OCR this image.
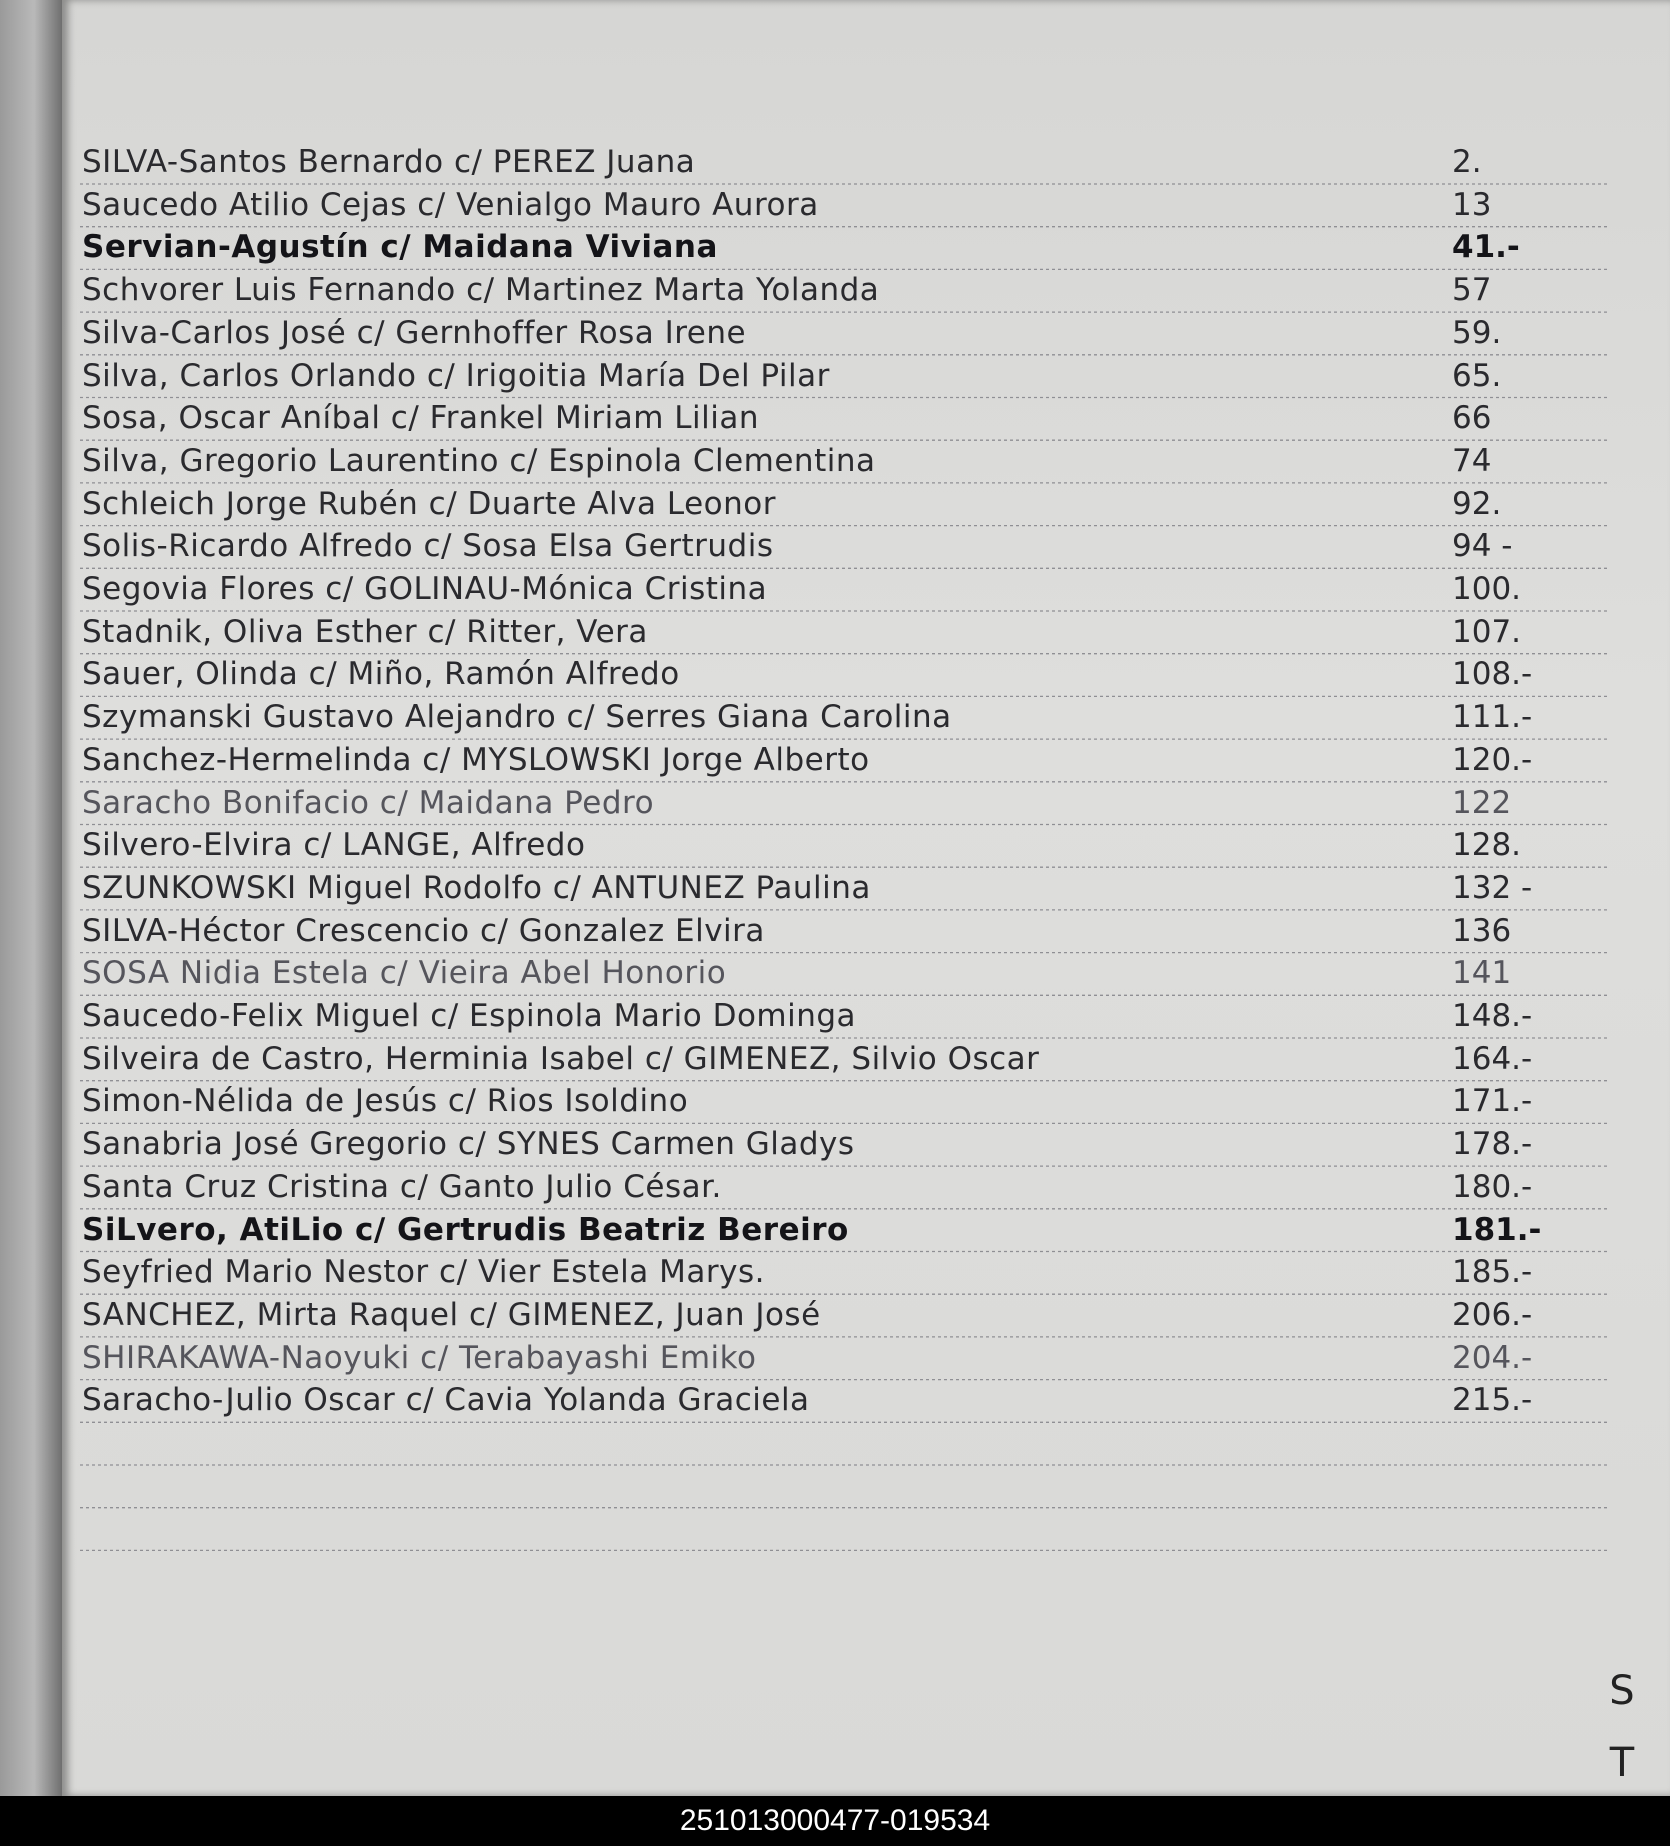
SILVA-Santos Bernardo c/ PEREZ Juana	2.
Saucedo Atilio Cejas c/ Venialgo Mauro Aurora	13
Servian-Agustín c/ Maidana Viviana	41.-
Schvorer Luis Fernando c/ Martinez Marta Yolanda	57
Silva-Carlos José c/ Gernhoffer Rosa Irene	59.
Silva, Carlos Orlando c/ Irigoitia María Del Pilar	65.
Sosa, Oscar Aníbal c/ Frankel Miriam Lilian	66
Silva, Gregorio Laurentino c/ Espinola Clementina	74
Schleich Jorge Rubén c/ Duarte Alva Leonor	92.
Solis-Ricardo Alfredo c/ Sosa Elsa Gertrudis	94 -
Segovia Flores c/ GOLINAU-Mónica Cristina	100.
Stadnik, Oliva Esther c/ Ritter, Vera	107.
Sauer, Olinda c/ Miño, Ramón Alfredo	108.-
Szymanski Gustavo Alejandro c/ Serres Giana Carolina	111.-
Sanchez-Hermelinda c/ MYSLOWSKI Jorge Alberto	120.-
Saracho Bonifacio c/ Maidana Pedro	122
Silvero-Elvira c/ LANGE, Alfredo	128.
SZUNKOWSKI Miguel Rodolfo c/ ANTUNEZ Paulina	132 -
SILVA-Héctor Crescencio c/ Gonzalez Elvira	136
SOSA Nidia Estela c/ Vieira Abel Honorio	141
Saucedo-Felix Miguel c/ Espinola Mario Dominga	148.-
Silveira de Castro, Herminia Isabel c/ GIMENEZ, Silvio Oscar	164.-
Simon-Nélida de Jesús c/ Rios Isoldino	171.-
Sanabria José Gregorio c/ SYNES Carmen Gladys	178.-
Santa Cruz Cristina c/ Ganto Julio César.	180.-
SiLvero, AtiLio c/ Gertrudis Beatriz Bereiro	181.-
Seyfried Mario Nestor c/ Vier Estela Marys.	185.-
SANCHEZ, Mirta Raquel c/ GIMENEZ, Juan José	206.-
SHIRAKAWA-Naoyuki c/ Terabayashi Emiko	204.-
Saracho-Julio Oscar c/ Cavia Yolanda Graciela	215.-
S
T
251013000477-019534
